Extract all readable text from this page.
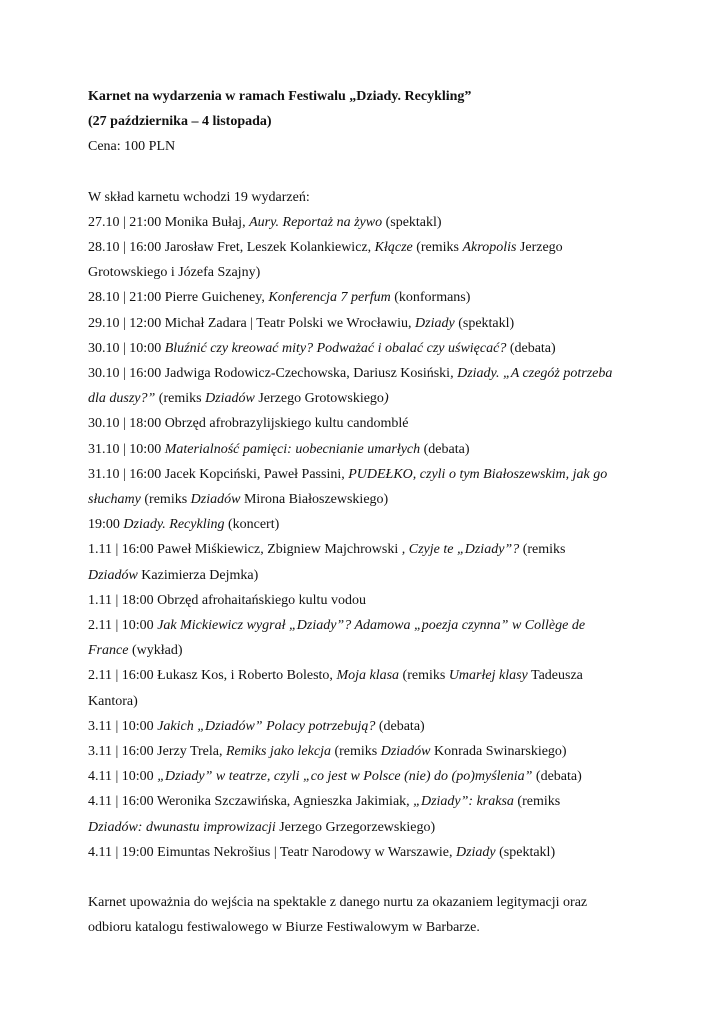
Karnet na wydarzenia w ramach Festiwalu „Dziady. Recykling”
(27 października – 4 listopada)
Cena: 100 PLN
W skład karnetu wchodzi 19 wydarzeń:
27.10 | 21:00 Monika Bułaj, Aury. Reportaż na żywo (spektakl)
28.10 | 16:00 Jarosław Fret, Leszek Kolankiewicz, Kłącze (remiks Akropolis Jerzego
Grotowskiego i Józefa Szajny)
28.10 | 21:00 Pierre Guicheney, Konferencja 7 perfum (konformans)
29.10 | 12:00 Michał Zadara | Teatr Polski we Wrocławiu, Dziady (spektakl)
30.10 | 10:00 Bluźnić czy kreować mity? Podważać i obalać czy uświęcać? (debata)
30.10 | 16:00 Jadwiga Rodowicz-Czechowska, Dariusz Kosiński, Dziady. „A czegóż potrzeba
dla duszy?” (remiks Dziadów Jerzego Grotowskiego)
30.10 | 18:00 Obrzęd afrobrazylijskiego kultu candomblé
31.10 | 10:00 Materialność pamięci: uobecnianie umarłych (debata)
31.10 | 16:00 Jacek Kopciński, Paweł Passini, PUDEŁKO, czyli o tym Białoszewskim, jak go
słuchamy (remiks Dziadów Mirona Białoszewskiego)
19:00 Dziady. Recykling (koncert)
1.11 | 16:00 Paweł Miśkiewicz, Zbigniew Majchrowski , Czyje te „Dziady”? (remiks
Dziadów Kazimierza Dejmka)
1.11 | 18:00 Obrzęd afrohaitańskiego kultu vodou
2.11 | 10:00 Jak Mickiewicz wygrał „Dziady”? Adamowa „poezja czynna” w Collège de
France (wykład)
2.11 | 16:00 Łukasz Kos, i Roberto Bolesto, Moja klasa (remiks Umarłej klasy Tadeusza
Kantora)
3.11 | 10:00 Jakich „Dziadów” Polacy potrzebują? (debata)
3.11 | 16:00 Jerzy Trela, Remiks jako lekcja (remiks Dziadów Konrada Swinarskiego)
4.11 | 10:00 „Dziady” w teatrze, czyli „co jest w Polsce (nie) do (po)myślenia” (debata)
4.11 | 16:00 Weronika Szczawińska, Agnieszka Jakimiak, „Dziady”: kraksa (remiks
Dziadów: dwunastu improwizacji Jerzego Grzegorzewskiego)
4.11 | 19:00 Eimuntas Nekrošius | Teatr Narodowy w Warszawie, Dziady (spektakl)
Karnet upoważnia do wejścia na spektakle z danego nurtu za okazaniem legitymacji oraz
odbioru katalogu festiwalowego w Biurze Festiwalowym w Barbarze.
